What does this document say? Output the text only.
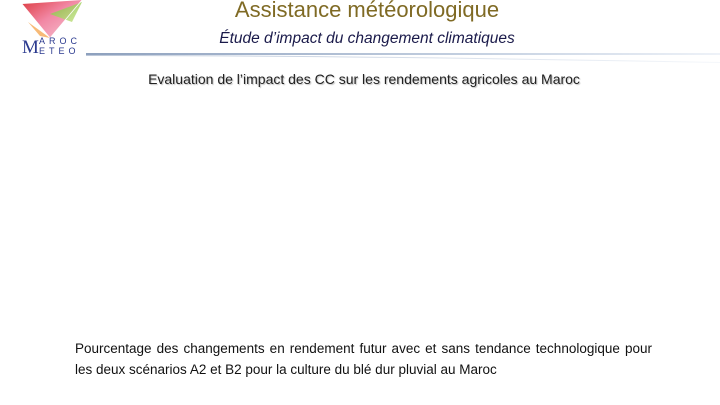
M AROC
ETEO
Assistance météorologique
Étude d’impact du changement climatiques
Evaluation de l’impact des CC sur les rendements agricoles au Maroc
Pourcentage des changements en rendement futur avec et sans tendance technologique pour les deux scénarios A2 et B2 pour la culture du blé dur pluvial au Maroc
